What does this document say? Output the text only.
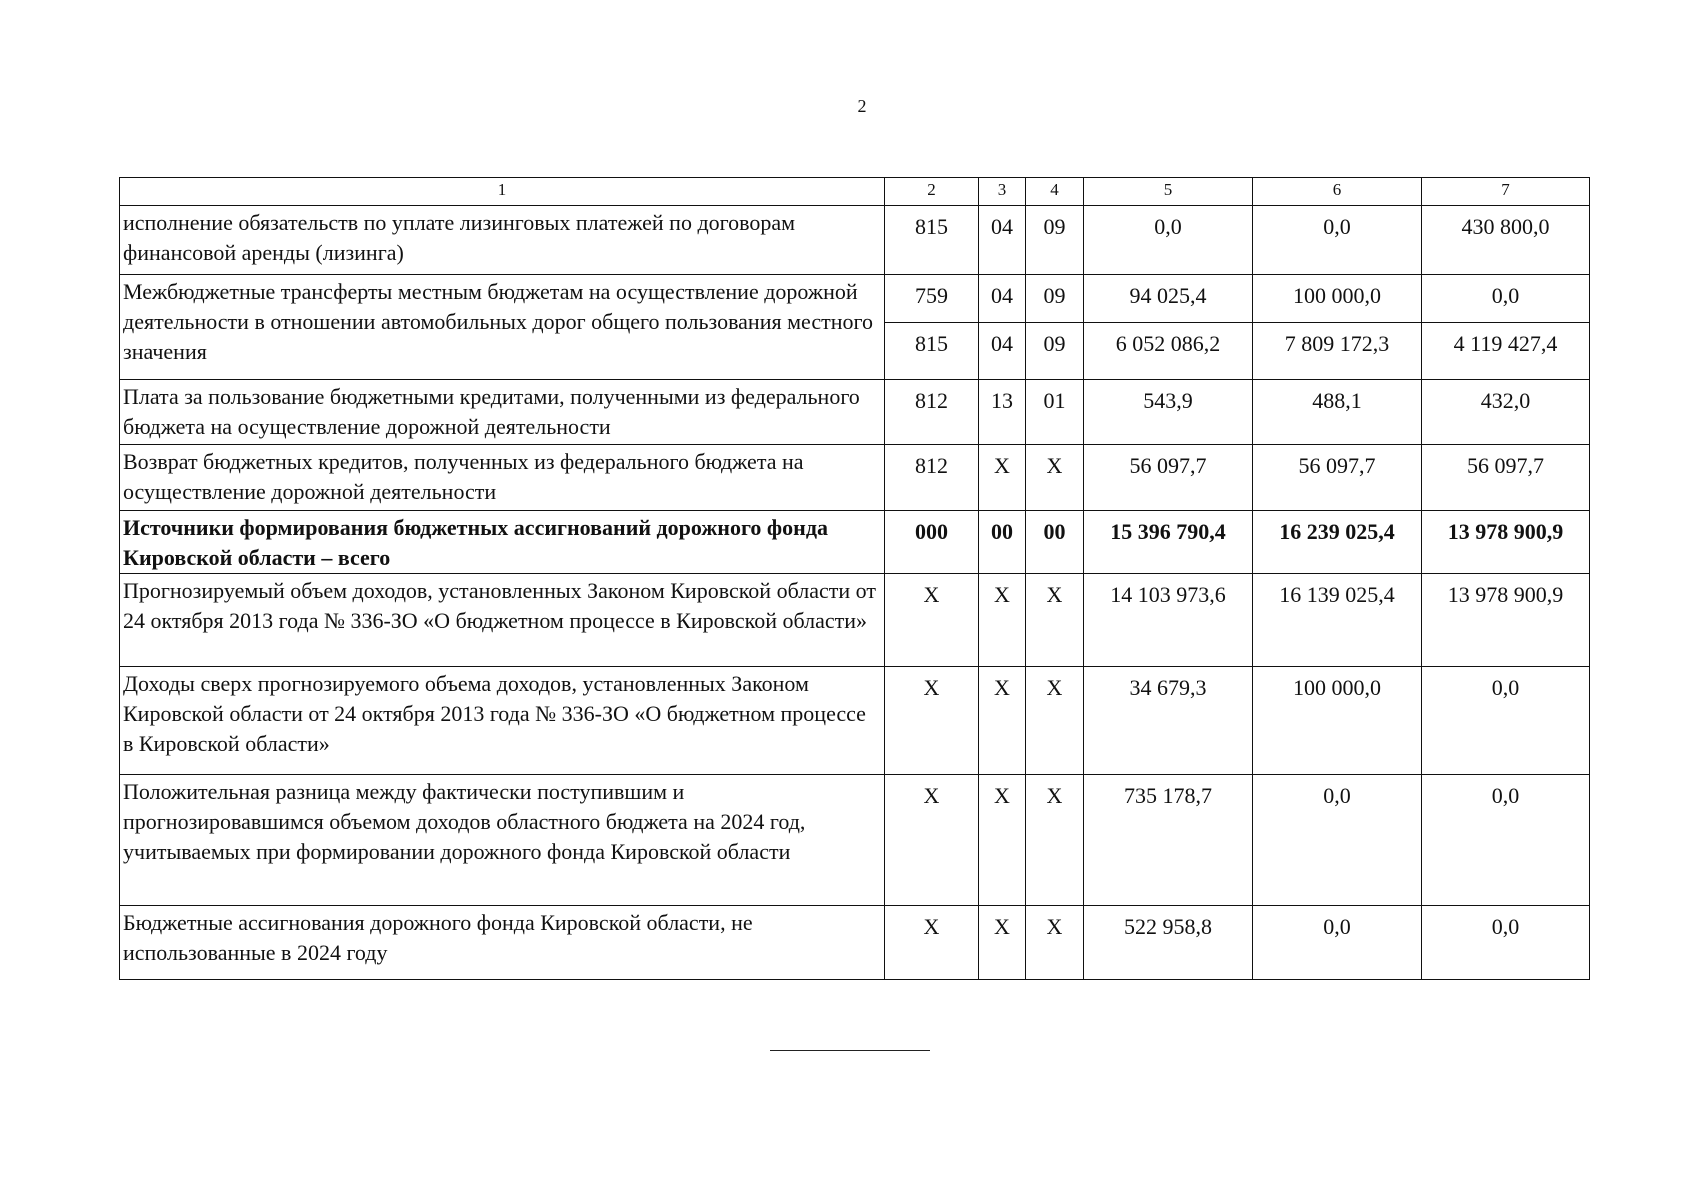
2
1	2	3	4	5	6	7
исполнение обязательств по уплате лизинговых платежей по договорам финансовой аренды (лизинга)	815	04	09	0,0	0,0	430 800,0
Межбюджетные трансферты местным бюджетам на осуществление дорожной деятельности в отношении автомобильных дорог общего пользования местного значения	759	04	09	94 025,4	100 000,0	0,0
	815	04	09	6 052 086,2	7 809 172,3	4 119 427,4
Плата за пользование бюджетными кредитами, полученными из федерального бюджета на осуществление дорожной деятельности	812	13	01	543,9	488,1	432,0
Возврат бюджетных кредитов, полученных из федерального бюджета на осуществление дорожной деятельности	812	X	X	56 097,7	56 097,7	56 097,7
Источники формирования бюджетных ассигнований дорожного фонда Кировской области – всего	000	00	00	15 396 790,4	16 239 025,4	13 978 900,9
Прогнозируемый объем доходов, установленных Законом Кировской области от 24 октября 2013 года № 336-ЗО «О бюджетном процессе в Кировской области»	X	X	X	14 103 973,6	16 139 025,4	13 978 900,9
Доходы сверх прогнозируемого объема доходов, установленных Законом Кировской области от 24 октября 2013 года № 336-ЗО «О бюджетном процессе в Кировской области»	X	X	X	34 679,3	100 000,0	0,0
Положительная разница между фактически поступившим и прогнозировавшимся объемом доходов областного бюджета на 2024 год, учитываемых при формировании дорожного фонда Кировской области	X	X	X	735 178,7	0,0	0,0
Бюджетные ассигнования дорожного фонда Кировской области, не использованные в 2024 году	X	X	X	522 958,8	0,0	0,0
